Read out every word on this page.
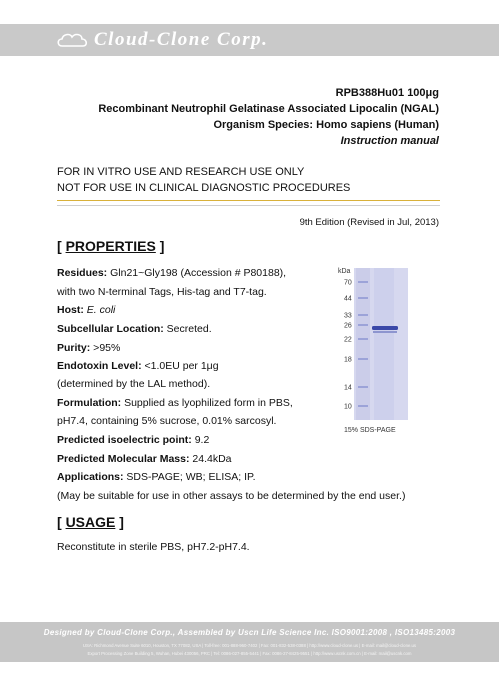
Cloud-Clone Corp.
RPB388Hu01 100μg
Recombinant Neutrophil Gelatinase Associated Lipocalin (NGAL)
Organism Species: Homo sapiens (Human)
Instruction manual
FOR IN VITRO USE AND RESEARCH USE ONLY
NOT FOR USE IN CLINICAL DIAGNOSTIC PROCEDURES
9th Edition (Revised in Jul, 2013)
[ PROPERTIES ]
Residues: Gln21~Gly198 (Accession # P80188),
with two N-terminal Tags, His-tag and T7-tag.
Host: E. coli
Subcellular Location: Secreted.
Purity: >95%
Endotoxin Level: <1.0EU per 1μg
(determined by the LAL method).
Formulation: Supplied as lyophilized form in PBS,
pH7.4, containing 5% sucrose, 0.01% sarcosyl.
Predicted isoelectric point: 9.2
Predicted Molecular Mass: 24.4kDa
Applications: SDS-PAGE; WB; ELISA; IP.
(May be suitable for use in other assays to be determined by the end user.)
kDa
70
44
33
26
22
18
14
10
15% SDS-PAGE
[ USAGE ]
Reconstitute in sterile PBS, pH7.2-pH7.4.
Designed by Cloud-Clone Corp., Assembled by Uscn Life Science Inc. ISO9001:2008 , ISO13485:2003
USA: Richmond Avenue Suite 6010, Houston, TX 77082, USA | Toll-free: 001-888-960-7402 | Fax: 001-832-538-0388 | http://www.cloud-clone.us | E-mail: mail@cloud-clone.us
Export Processing Zone Building 5, Wuhan, Hubei 430056, PRC | Tel: 0086-027-855-5441 | Fax: 0086-27-8425-9551 | http://www.uscnk.com.cn | E-mail: mail@uscnk.com
